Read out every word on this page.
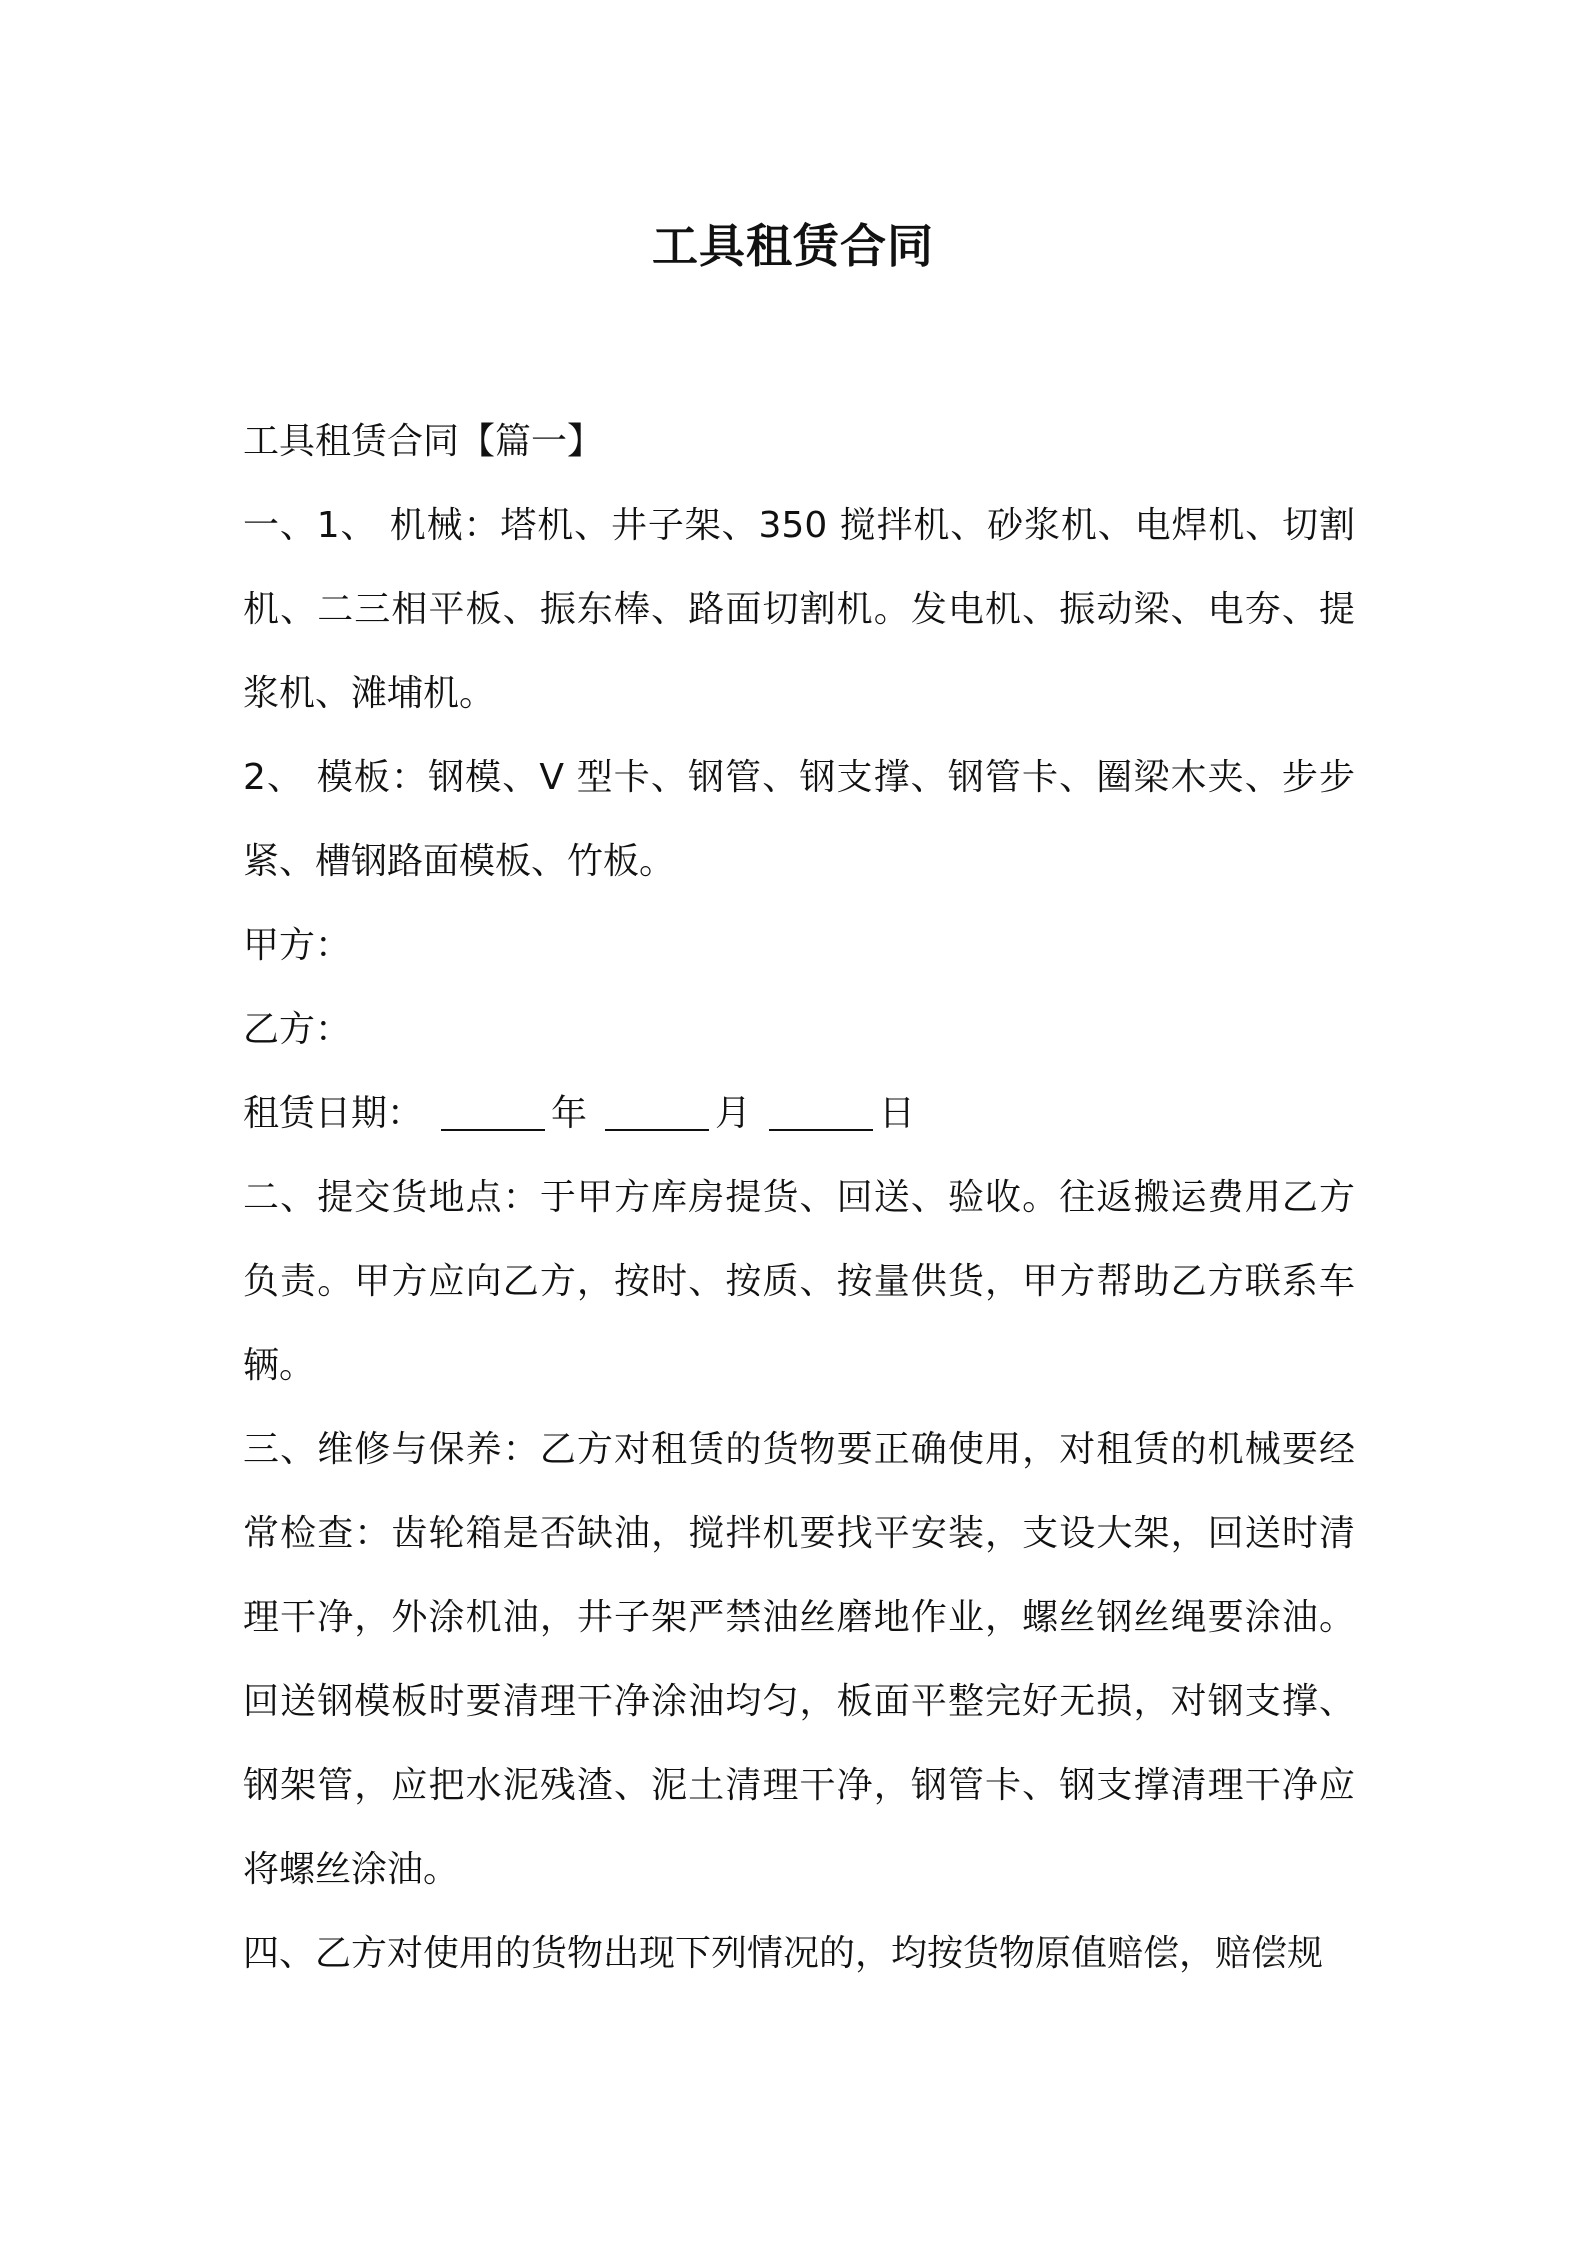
工具租赁合同

工具租赁合同【篇一】

一、1、 机械：塔机、井子架、350 搅拌机、砂浆机、电焊机、切割机、二三相平板、振东棒、路面切割机。发电机、振动梁、电夯、提浆机、滩埔机。

2、 模板：钢模、V 型卡、钢管、钢支撑、钢管卡、圈梁木夹、步步紧、槽钢路面模板、竹板。

甲方：

乙方：

租赁日期：	年	月	日

二、提交货地点：于甲方库房提货、回送、验收。往返搬运费用乙方负责。甲方应向乙方，按时、按质、按量供货，甲方帮助乙方联系车辆。

三、维修与保养：乙方对租赁的货物要正确使用，对租赁的机械要经常检查：齿轮箱是否缺油，搅拌机要找平安装，支设大架，回送时清理干净，外涂机油，井子架严禁油丝磨地作业，螺丝钢丝绳要涂油。回送钢模板时要清理干净涂油均匀，板面平整完好无损，对钢支撑、钢架管，应把水泥残渣、泥土清理干净，钢管卡、钢支撑清理干净应将螺丝涂油。

四、乙方对使用的货物出现下列情况的，均按货物原值赔偿，赔偿规
